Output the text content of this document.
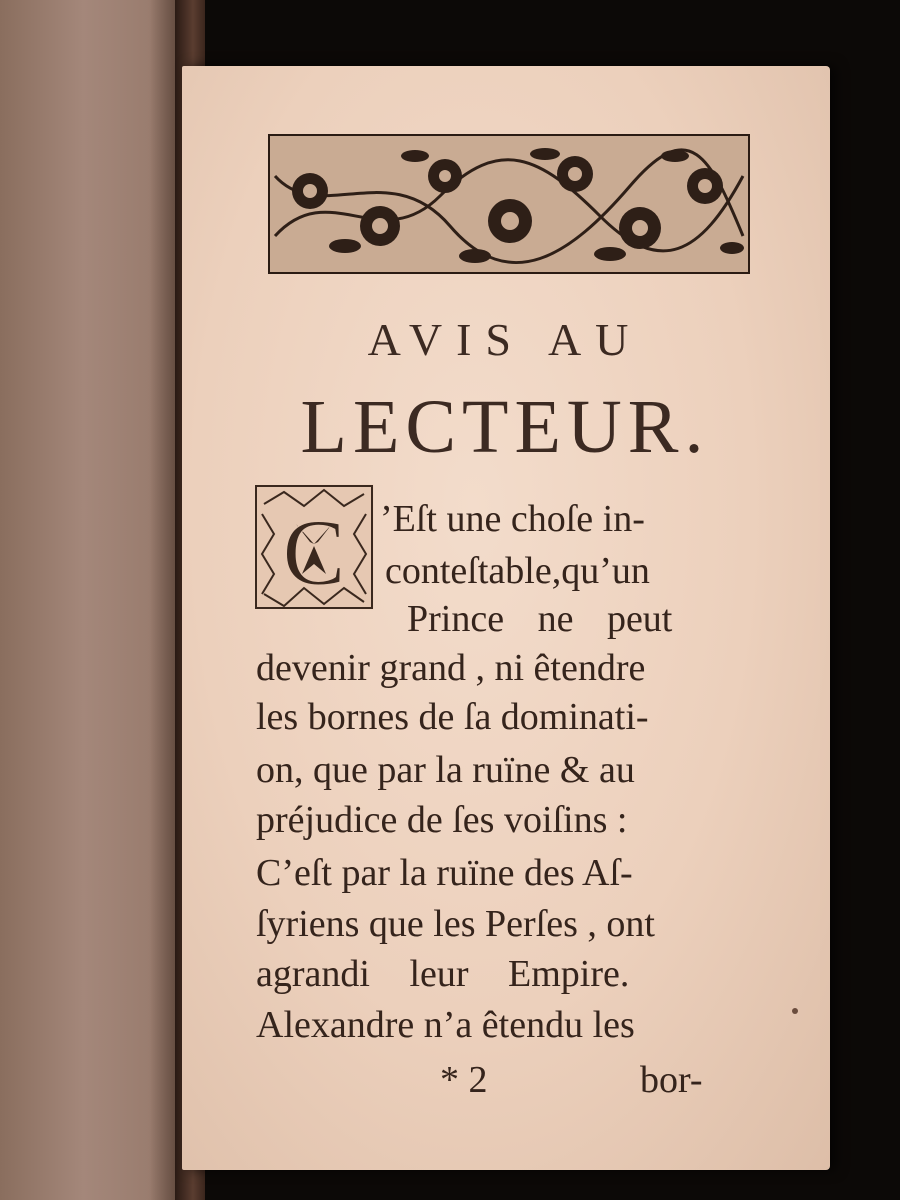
AVIS AU
LECTEUR.
C ’Eſt une choſe in-
conteſtable,qu’un
Prince ne peut
devenir grand , ni êtendre
les bornes de ſa dominati-
on, que par la ruïne & au
préjudice de ſes voiſins :
C’eſt par la ruïne des Aſ-
ſyriens que les Perſes , ont
agrandi leur Empire.
Alexandre n’a êtendu les
* 2	bor-
